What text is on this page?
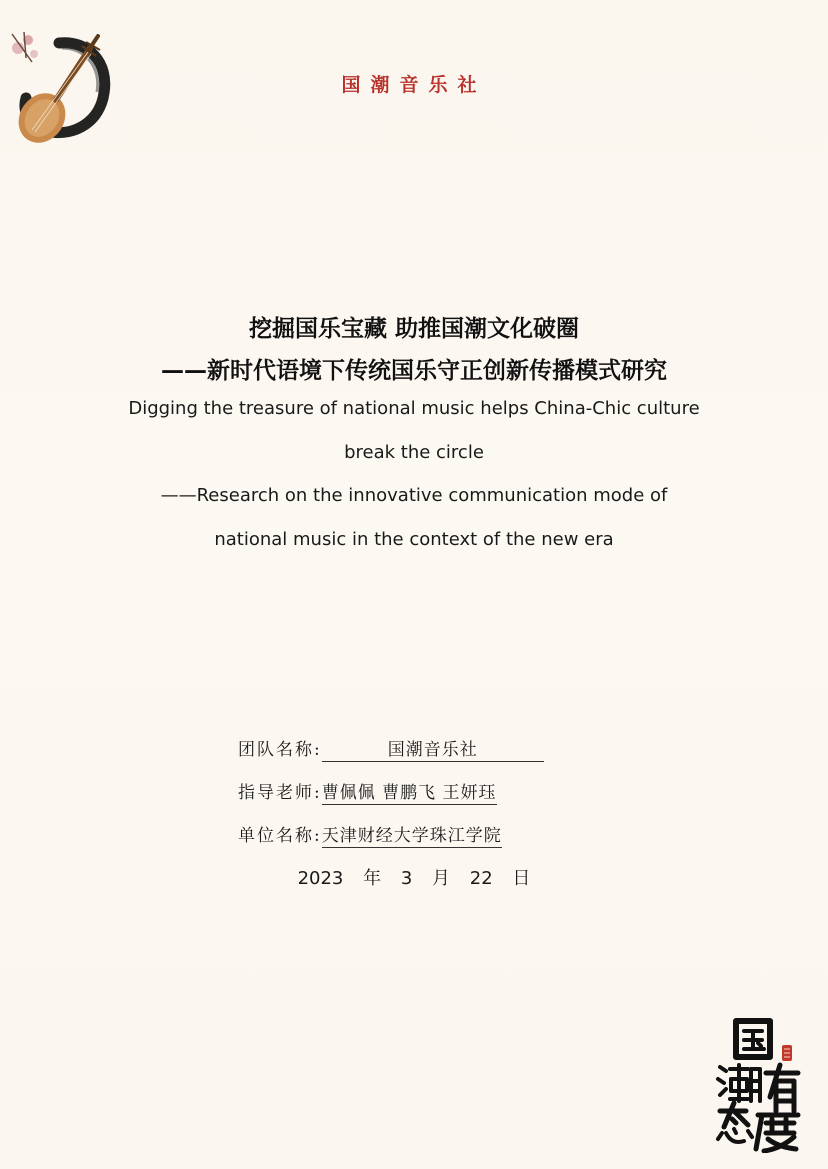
国潮音乐社
挖掘国乐宝藏 助推国潮文化破圈
——新时代语境下传统国乐守正创新传播模式研究
Digging the treasure of national music helps China-Chic culture
break the circle
——Research on the innovative communication mode of
national music in the context of the new era
团队名称:	国潮音乐社
指导老师: 曹佩佩 曹鹏飞 王妍珏
单位名称: 天津财经大学珠江学院
2023 年 3 月 22 日
